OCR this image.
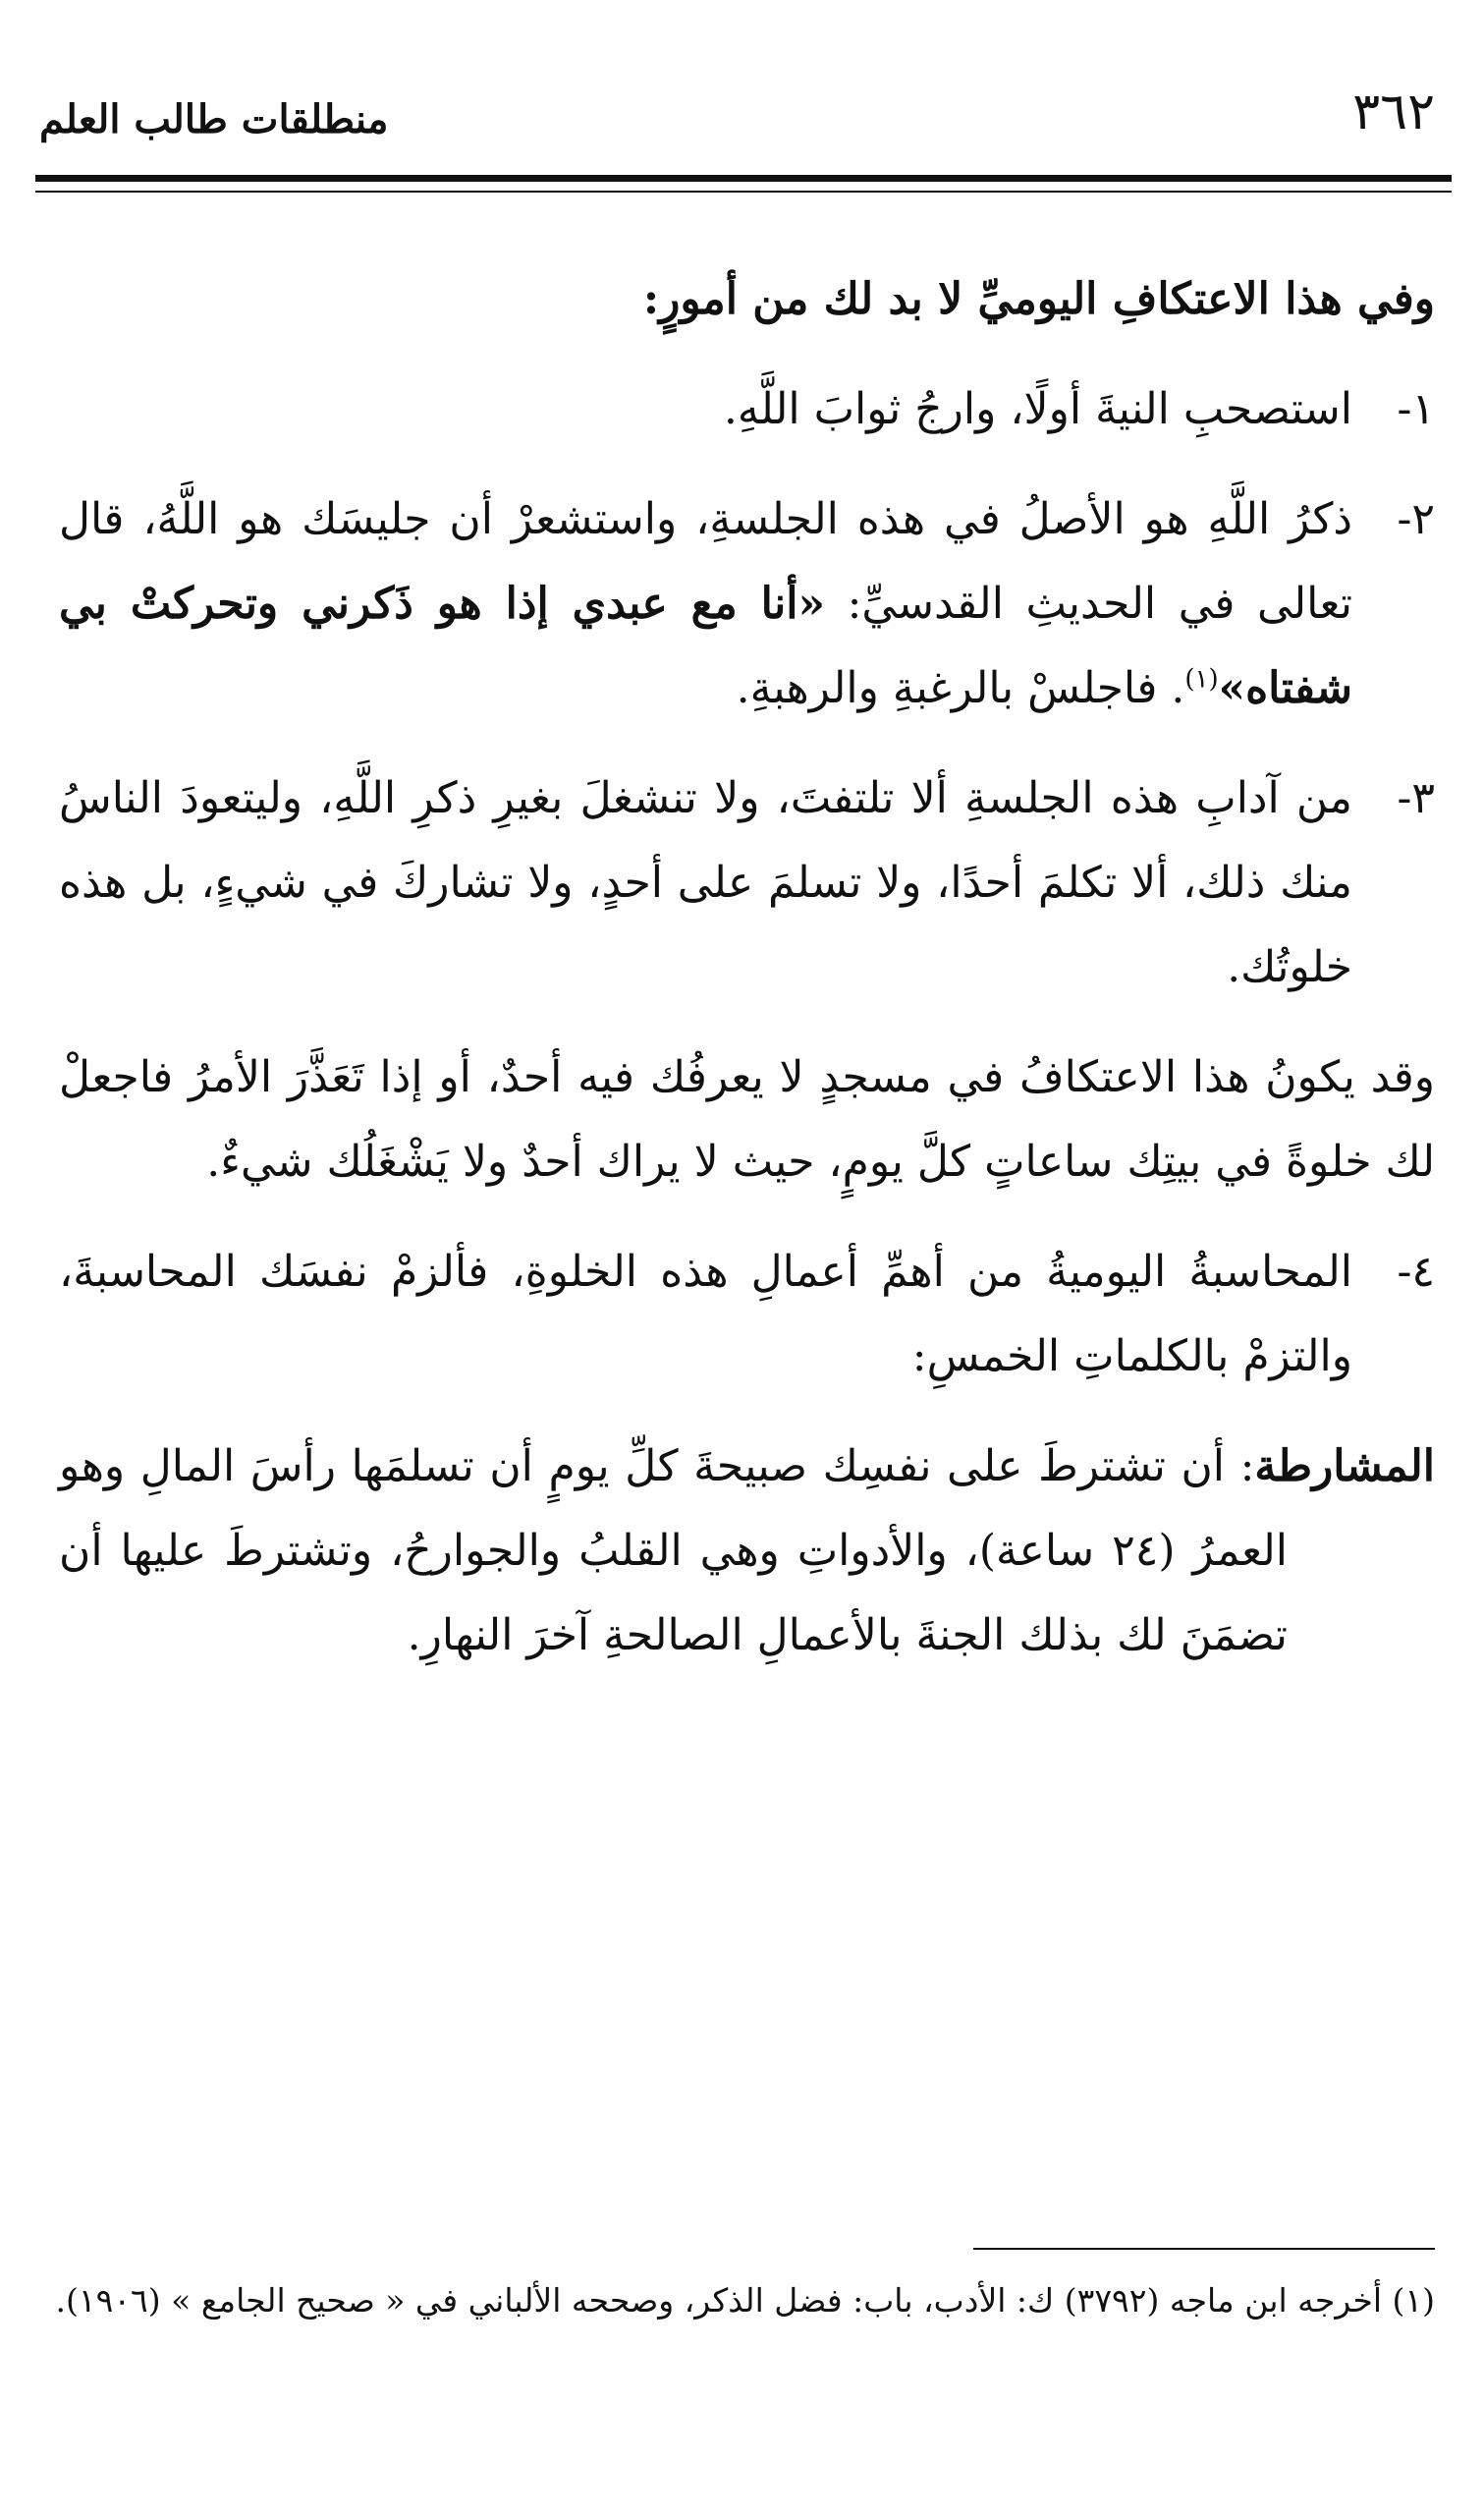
٣٦٢
منطلقات طالب العلم

وفي هذا الاعتكافِ اليوميِّ لا بد لك من أمورٍ:

١-
استصحبِ النيةَ أولًا، وارجُ ثوابَ اللَّهِ.

٢-
ذكرُ اللَّهِ هو الأصلُ في هذه الجلسةِ، واستشعرْ أن جليسَك هو اللَّهُ، قال تعالى في الحديثِ القدسيِّ: «أنا مع عبدي إذا هو ذَكرني وتحركتْ بي شفتاه»$^{(١)}$. فاجلسْ بالرغبةِ والرهبةِ.

٣-
من آدابِ هذه الجلسةِ ألا تلتفتَ، ولا تنشغلَ بغيرِ ذكرِ اللَّهِ، وليتعودَ الناسُ منك ذلك، ألا تكلمَ أحدًا، ولا تسلمَ على أحدٍ، ولا تشاركَ في شيءٍ، بل هذه خلوتُك.

وقد يكونُ هذا الاعتكافُ في مسجدٍ لا يعرفُك فيه أحدٌ، أو إذا تَعَذَّرَ الأمرُ فاجعلْ لك خلوةً في بيتِك ساعاتٍ كلَّ يومٍ، حيث لا يراك أحدٌ ولا يَشْغَلُك شيءٌ.

٤-
المحاسبةُ اليوميةُ من أهمِّ أعمالِ هذه الخلوةِ، فألزمْ نفسَك المحاسبةَ، والتزمْ بالكلماتِ الخمسِ:

المشارطة: أن تشترطَ على نفسِك صبيحةَ كلِّ يومٍ أن تسلمَها رأسَ المالِ وهو العمرُ (٢٤ ساعة)، والأدواتِ وهي القلبُ والجوارحُ، وتشترطَ عليها أن تضمَنَ لك بذلك الجنةَ بالأعمالِ الصالحةِ آخرَ النهارِ.

(١) أخرجه ابن ماجه (٣٧٩٢) ك: الأدب، باب: فضل الذكر، وصححه الألباني في « صحيح الجامع » (١٩٠٦).
